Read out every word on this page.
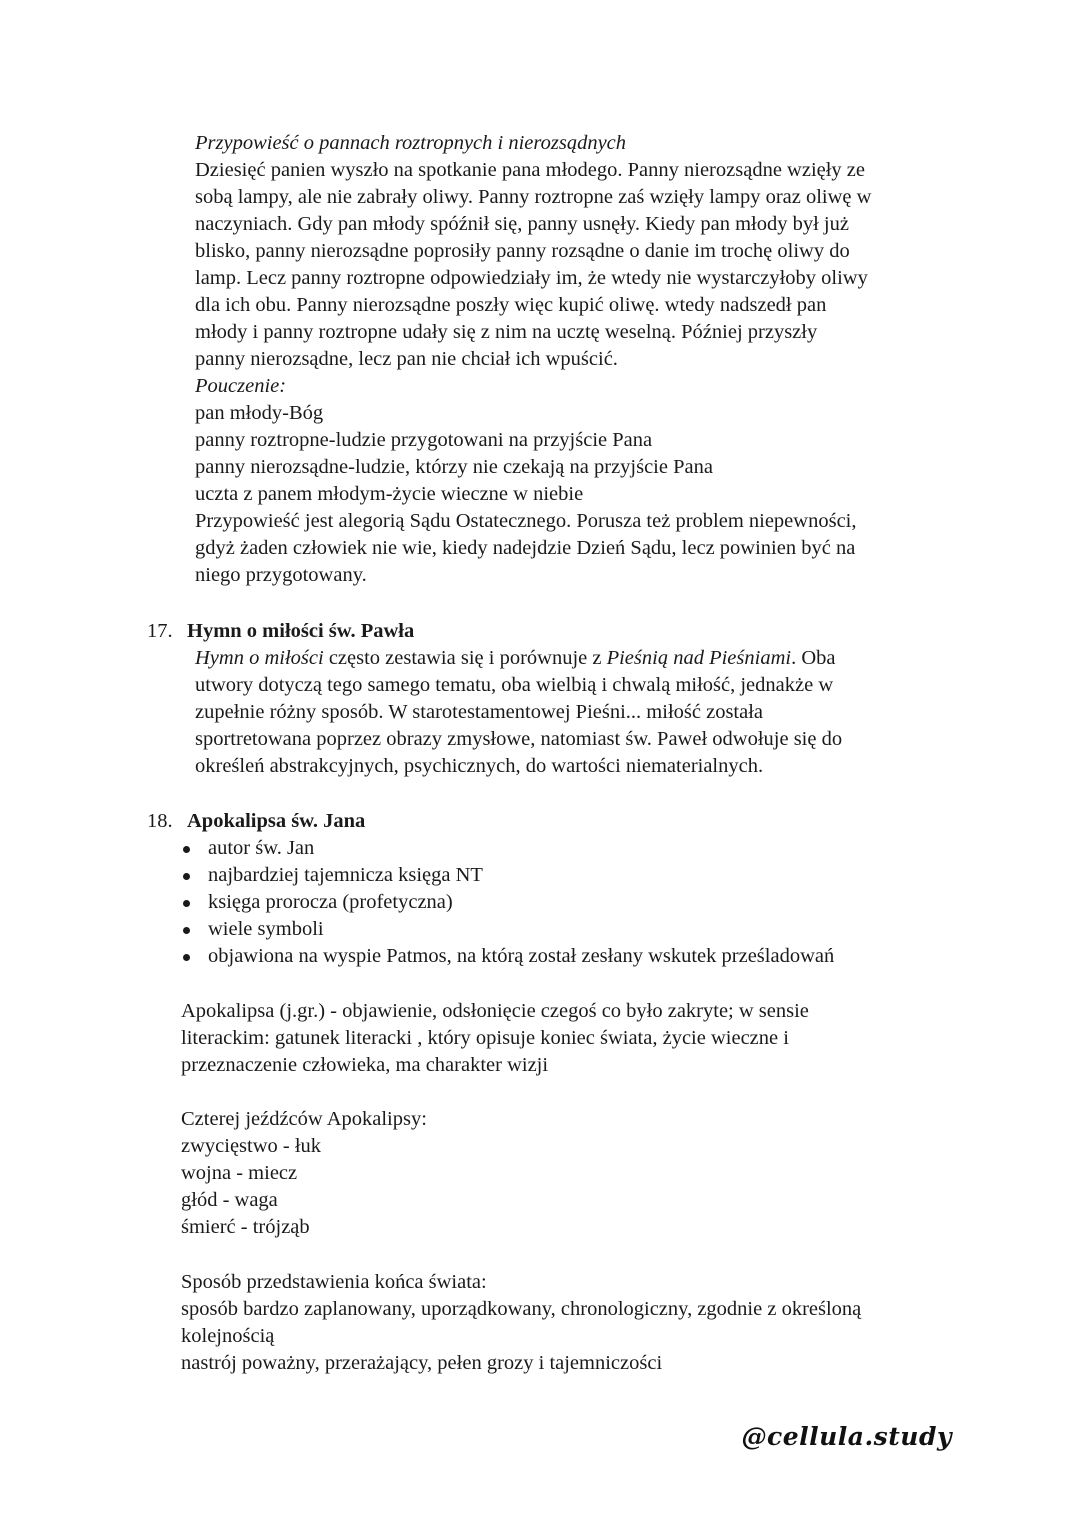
Przypowieść o pannach roztropnych i nierozsądnych
Dziesięć panien wyszło na spotkanie pana młodego. Panny nierozsądne wzięły ze
sobą lampy, ale nie zabrały oliwy. Panny roztropne zaś wzięły lampy oraz oliwę w
naczyniach. Gdy pan młody spóźnił się, panny usnęły. Kiedy pan młody był już
blisko, panny nierozsądne poprosiły panny rozsądne o danie im trochę oliwy do
lamp. Lecz panny roztropne odpowiedziały im, że wtedy nie wystarczyłoby oliwy
dla ich obu. Panny nierozsądne poszły więc kupić oliwę. wtedy nadszedł pan
młody i panny roztropne udały się z nim na ucztę weselną. Później przyszły
panny nierozsądne, lecz pan nie chciał ich wpuścić.
Pouczenie:
pan młody-Bóg
panny roztropne-ludzie przygotowani na przyjście Pana
panny nierozsądne-ludzie, którzy nie czekają na przyjście Pana
uczta z panem młodym-życie wieczne w niebie
Przypowieść jest alegorią Sądu Ostatecznego. Porusza też problem niepewności,
gdyż żaden człowiek nie wie, kiedy nadejdzie Dzień Sądu, lecz powinien być na
niego przygotowany.
17. Hymn o miłości św. Pawła
Hymn o miłości często zestawia się i porównuje z Pieśnią nad Pieśniami. Oba
utwory dotyczą tego samego tematu, oba wielbią i chwalą miłość, jednakże w
zupełnie różny sposób. W starotestamentowej Pieśni... miłość została
sportretowana poprzez obrazy zmysłowe, natomiast św. Paweł odwołuje się do
określeń abstrakcyjnych, psychicznych, do wartości niematerialnych.
18. Apokalipsa św. Jana
autor św. Jan
najbardziej tajemnicza księga NT
księga prorocza (profetyczna)
wiele symboli
objawiona na wyspie Patmos, na którą został zesłany wskutek prześladowań
Apokalipsa (j.gr.) - objawienie, odsłonięcie czegoś co było zakryte; w sensie
literackim: gatunek literacki , który opisuje koniec świata, życie wieczne i
przeznaczenie człowieka, ma charakter wizji
Czterej jeźdźców Apokalipsy:
zwycięstwo - łuk
wojna - miecz
głód - waga
śmierć - trójząb
Sposób przedstawienia końca świata:
sposób bardzo zaplanowany, uporządkowany, chronologiczny, zgodnie z określoną
kolejnością
nastrój poważny, przerażający, pełen grozy i tajemniczości
@cellula.study
